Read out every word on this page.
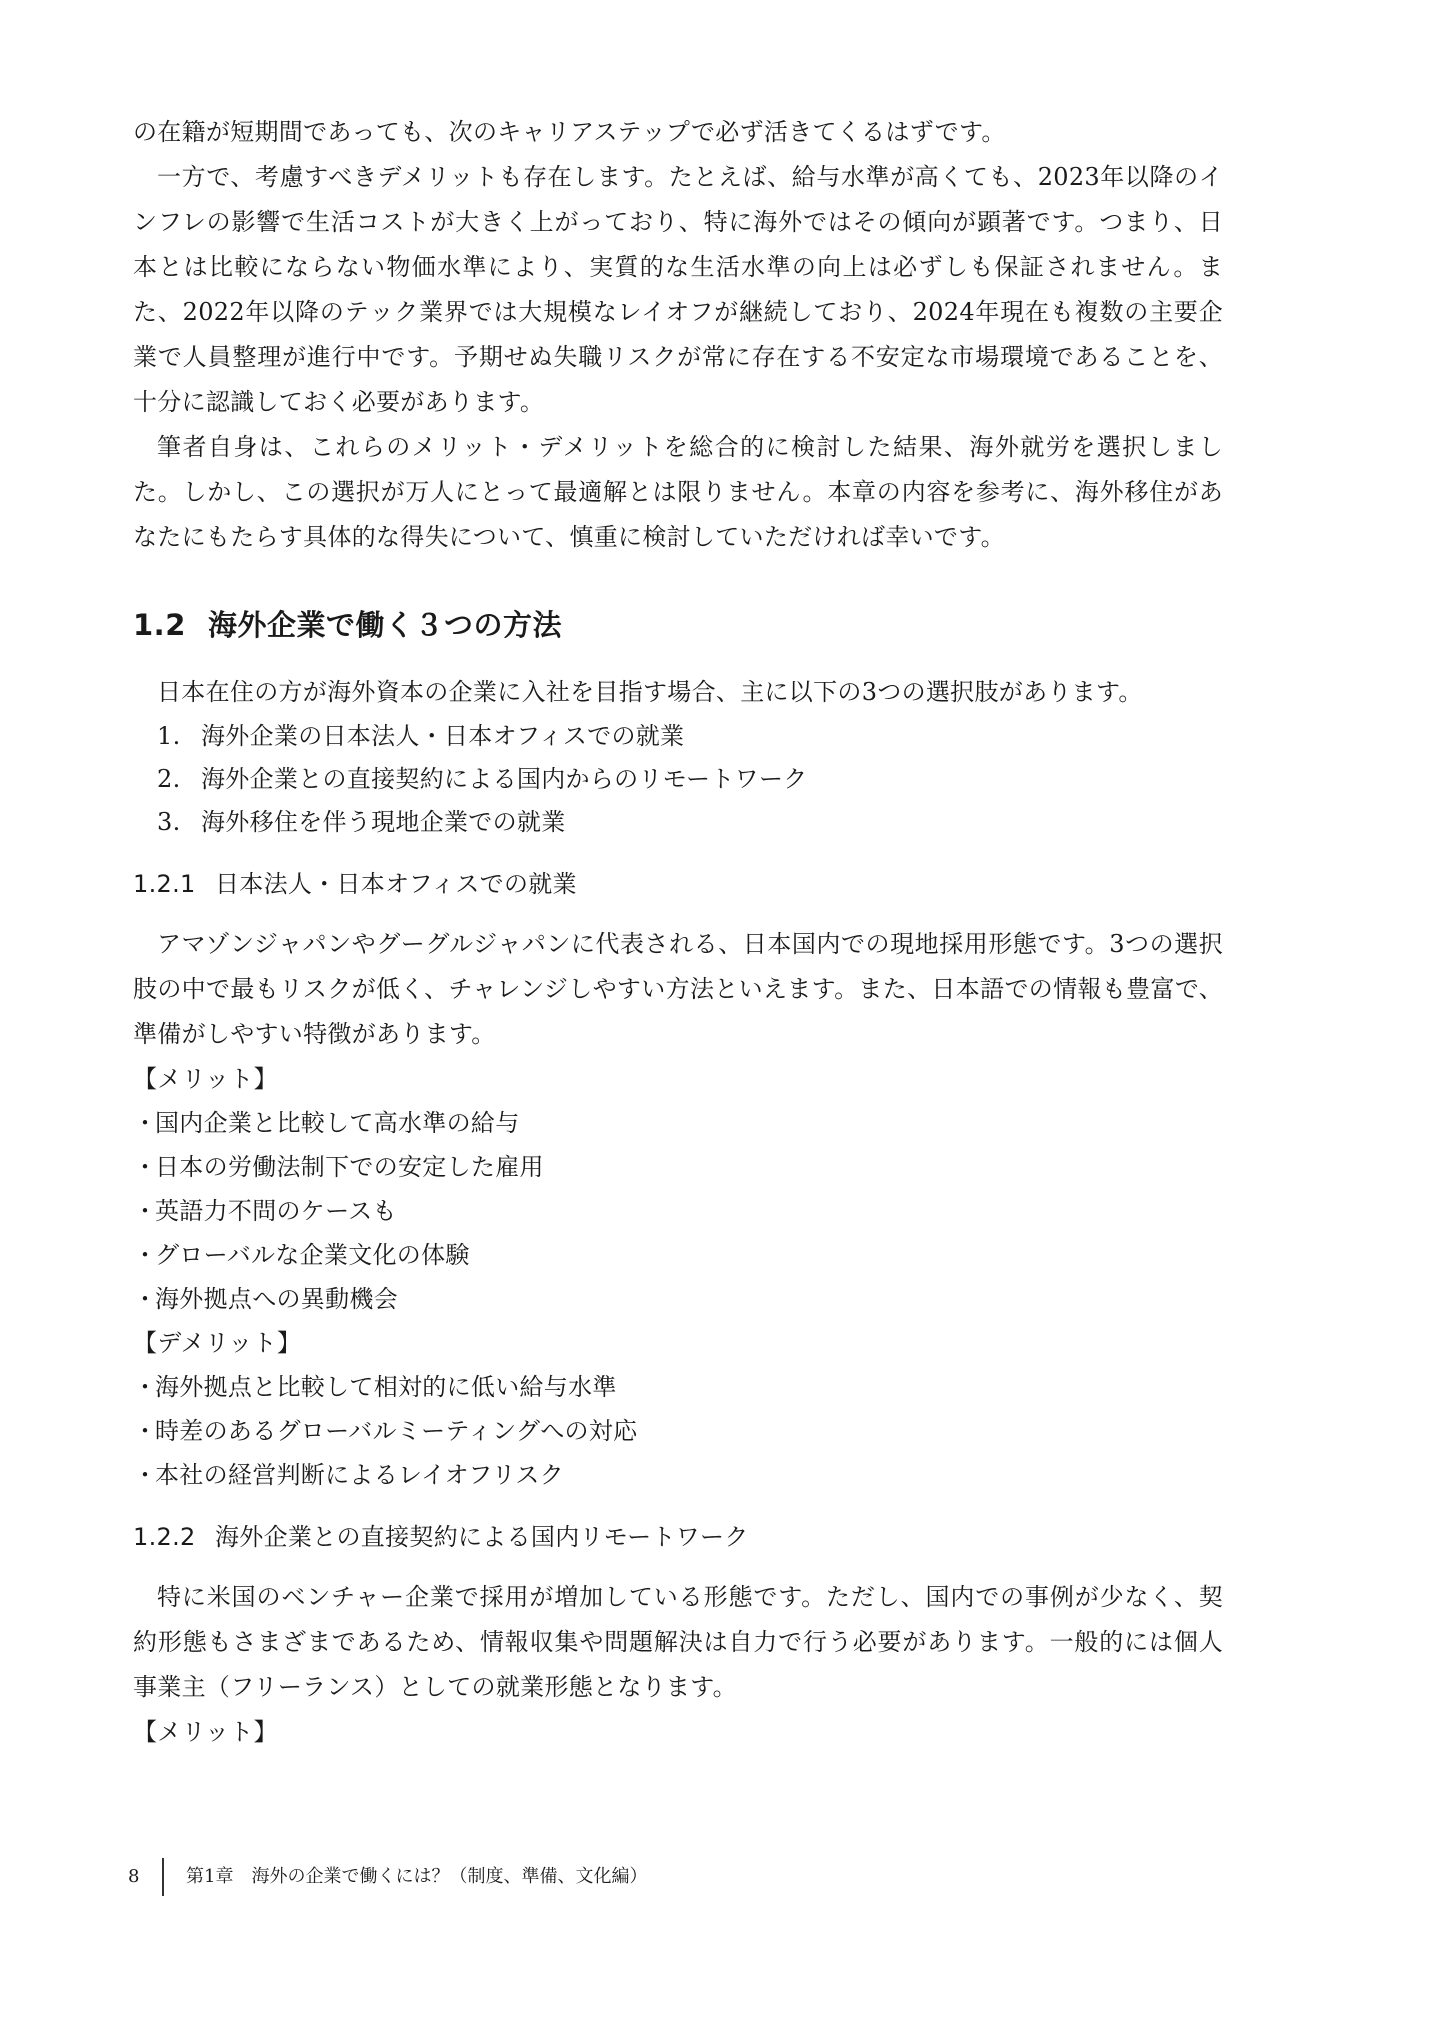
の在籍が短期間であっても、次のキャリアステップで必ず活きてくるはずです。

一方で、考慮すべきデメリットも存在します。たとえば、給与水準が高くても、2023年以降のインフレの影響で生活コストが大きく上がっており、特に海外ではその傾向が顕著です。つまり、日本とは比較にならない物価水準により、実質的な生活水準の向上は必ずしも保証されません。また、2022年以降のテック業界では大規模なレイオフが継続しており、2024年現在も複数の主要企業で人員整理が進行中です。予期せぬ失職リスクが常に存在する不安定な市場環境であることを、十分に認識しておく必要があります。

筆者自身は、これらのメリット・デメリットを総合的に検討した結果、海外就労を選択しました。しかし、この選択が万人にとって最適解とは限りません。本章の内容を参考に、海外移住があなたにもたらす具体的な得失について、慎重に検討していただければ幸いです。

1.2 海外企業で働く３つの方法

日本在住の方が海外資本の企業に入社を目指す場合、主に以下の3つの選択肢があります。

1. 海外企業の日本法人・日本オフィスでの就業
2. 海外企業との直接契約による国内からのリモートワーク
3. 海外移住を伴う現地企業での就業
1.2.1 日本法人・日本オフィスでの就業

アマゾンジャパンやグーグルジャパンに代表される、日本国内での現地採用形態です。3つの選択肢の中で最もリスクが低く、チャレンジしやすい方法といえます。また、日本語での情報も豊富で、準備がしやすい特徴があります。

【メリット】

・国内企業と比較して高水準の給与
・日本の労働法制下での安定した雇用
・英語力不問のケースも
・グローバルな企業文化の体験
・海外拠点への異動機会

【デメリット】

・海外拠点と比較して相対的に低い給与水準
・時差のあるグローバルミーティングへの対応
・本社の経営判断によるレイオフリスク
1.2.2 海外企業との直接契約による国内リモートワーク

特に米国のベンチャー企業で採用が増加している形態です。ただし、国内での事例が少なく、契約形態もさまざまであるため、情報収集や問題解決は自力で行う必要があります。一般的には個人事業主（フリーランス）としての就業形態となります。

【メリット】

8	第1章　海外の企業で働くには？（制度、準備、文化編）
